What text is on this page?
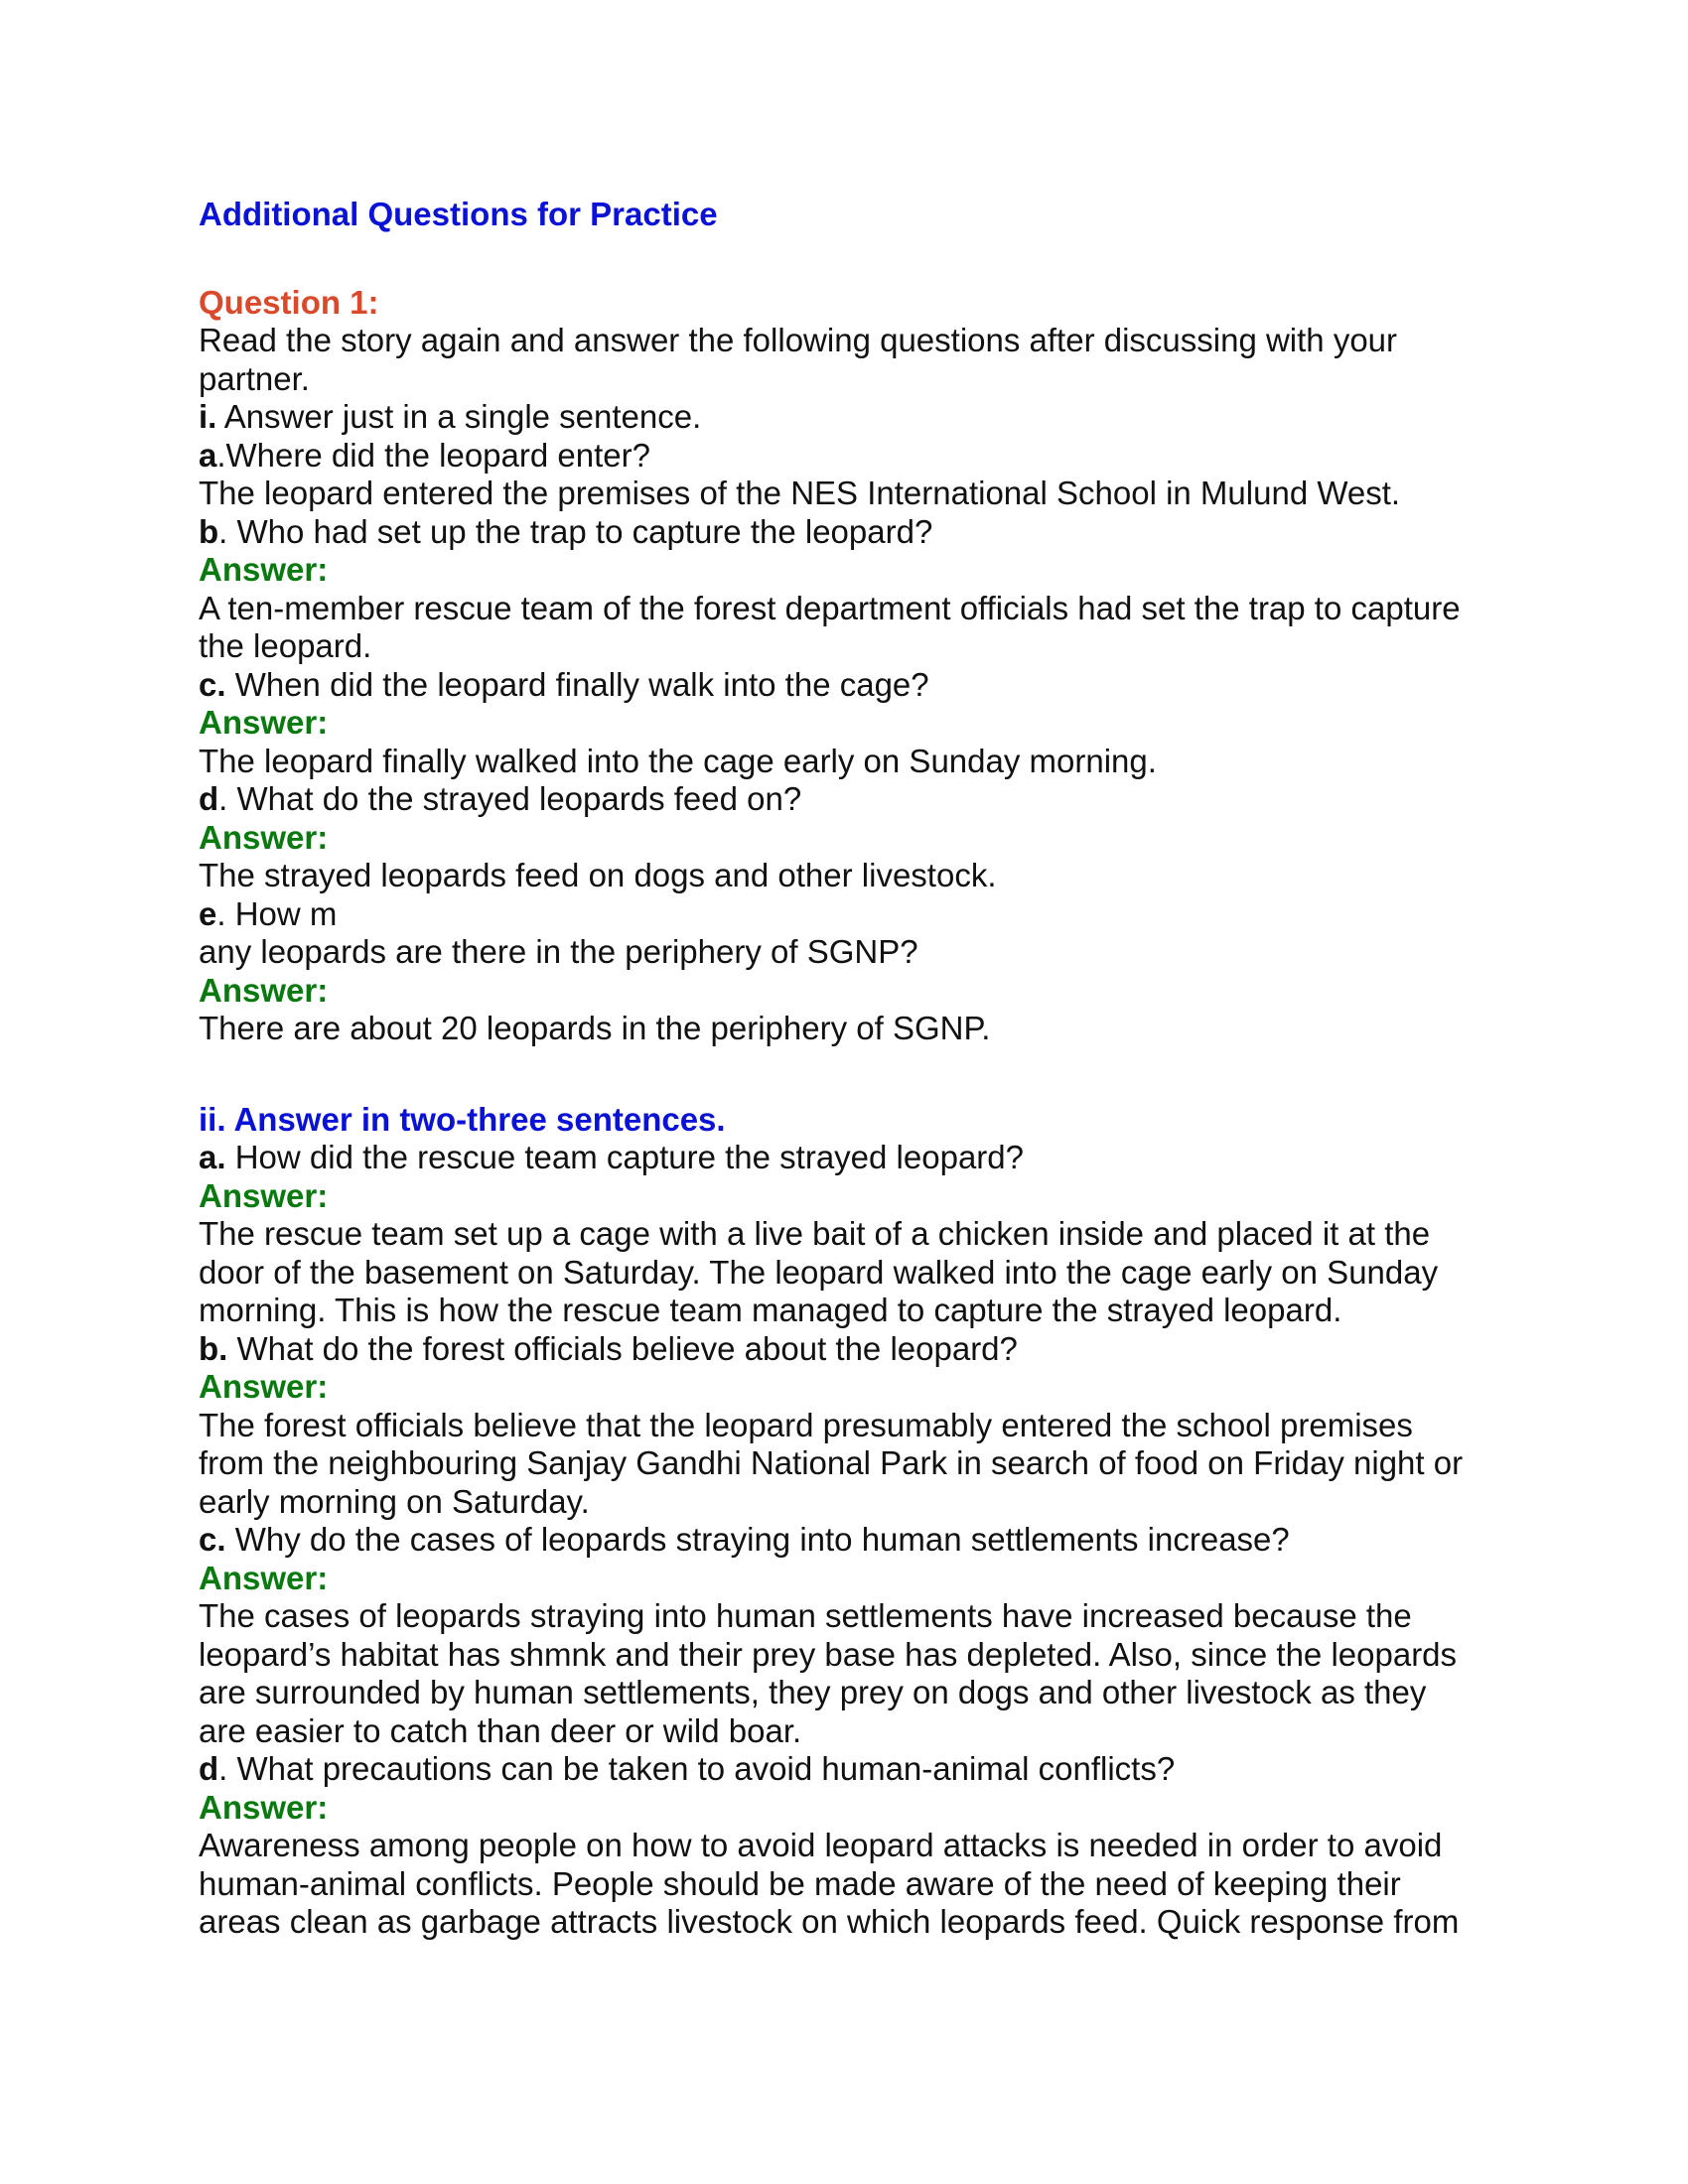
Additional Questions for Practice

Question 1:

Read the story again and answer the following questions after discussing with your

partner.

i. Answer just in a single sentence.

a.Where did the leopard enter?

The leopard entered the premises of the NES International School in Mulund West.

b. Who had set up the trap to capture the leopard?

Answer:

A ten-member rescue team of the forest department officials had set the trap to capture

the leopard.

c. When did the leopard finally walk into the cage?

Answer:

The leopard finally walked into the cage early on Sunday morning.

d. What do the strayed leopards feed on?

Answer:

The strayed leopards feed on dogs and other livestock.

e. How m

any leopards are there in the periphery of SGNP?

Answer:

There are about 20 leopards in the periphery of SGNP.

ii. Answer in two-three sentences.

a. How did the rescue team capture the strayed leopard?

Answer:

The rescue team set up a cage with a live bait of a chicken inside and placed it at the

door of the basement on Saturday. The leopard walked into the cage early on Sunday

morning. This is how the rescue team managed to capture the strayed leopard.

b. What do the forest officials believe about the leopard?

Answer:

The forest officials believe that the leopard presumably entered the school premises

from the neighbouring Sanjay Gandhi National Park in search of food on Friday night or

early morning on Saturday.

c. Why do the cases of leopards straying into human settlements increase?

Answer:

The cases of leopards straying into human settlements have increased because the

leopard’s habitat has shmnk and their prey base has depleted. Also, since the leopards

are surrounded by human settlements, they prey on dogs and other livestock as they

are easier to catch than deer or wild boar.

d. What precautions can be taken to avoid human-animal conflicts?

Answer:

Awareness among people on how to avoid leopard attacks is needed in order to avoid

human-animal conflicts. People should be made aware of the need of keeping their

areas clean as garbage attracts livestock on which leopards feed. Quick response from
